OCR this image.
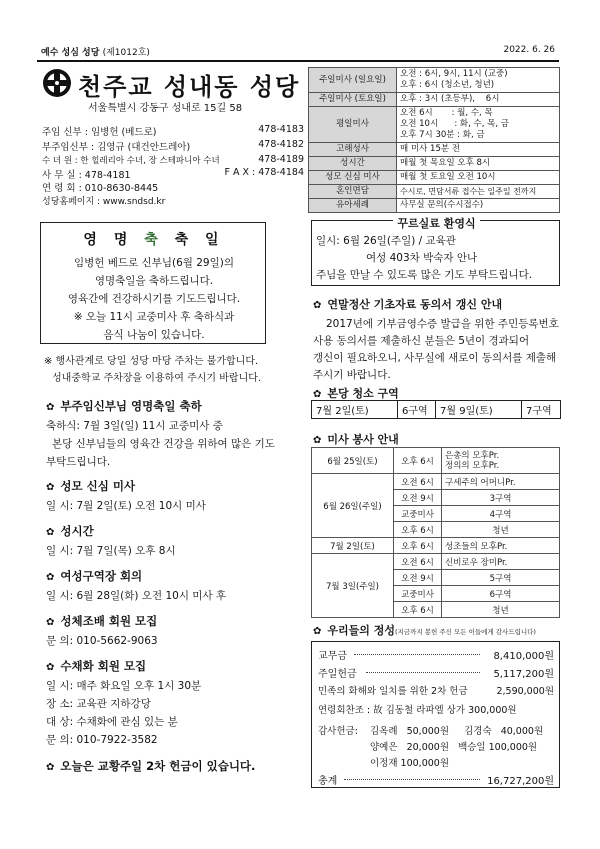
예수 성심 성당 (제1012호)	2022. 6. 26
천주교 성내동 성당
서울특별시 강동구 성내로 15길 58
주임 신부 : 임병헌 (베드로)	478-4183
부주임신부 : 김영규 (대건안드레아)	478-4182
수 녀 원 : 한 힐레리아 수녀, 장 스테파니아 수녀	478-4189
사 무 실 : 478-4181	F A X : 478-4184
연 령 회 : 010-8630-8445
성당홈페이지 : www.sndsd.kr
주일미사 (일요일)	오전 : 6시, 9시, 11시 (교중)
오후 : 6시 (청소년, 청년)

주일미사 (토요일)	오후 : 3시 (초등부),    6시
평일미사	오전 6시       : 월, 수, 목
오전 10시      : 화, 수, 목, 금
오후 7시 30분 : 화, 금

고해성사	매 미사 15분 전
성시간	매월 첫 목요일 오후 8시
성모 신심 미사	매월 첫 토요일 오전 10시
혼인면담	수시로, 면담서류 접수는 일주일 전까지
유아세례	사무실 문의(수시접수)
영 명 축 축 일
임병헌 베드로 신부님(6월 29일)의
영명축일을 축하드립니다.
영육간에 건강하시기를 기도드립니다.
※ 오늘 11시 교중미사 후 축하식과
음식 나눔이 있습니다.
※ 행사관계로 당일 성당 마당 주차는 불가합니다.
성내중학교 주차장을 이용하여 주시기 바랍니다.
✿ 부주임신부님 영명축일 축하
축하식: 7월 3일(일) 11시 교중미사 중
본당 신부님들의 영육간 건강을 위하여 많은 기도
부탁드립니다.
✿ 성모 신심 미사
일 시: 7월 2일(토) 오전 10시 미사
✿ 성시간
일 시: 7월 7일(목) 오후 8시
✿ 여성구역장 회의
일 시: 6월 28일(화) 오전 10시 미사 후
✿ 성체조배 회원 모집
문 의: 010-5662-9063
✿ 수채화 회원 모집
일 시: 매주 화요일 오후 1시 30분
장 소: 교육관 지하강당
대 상: 수채화에 관심 있는 분
문 의: 010-7922-3582
✿ 오늘은 교황주일 2차 헌금이 있습니다.
꾸르실료 환영식
일시: 6월 26일(주일) / 교육관
여성 403차 박숙자 안나
주님을 만날 수 있도록 많은 기도 부탁드립니다.
✿ 연말정산 기초자료 동의서 갱신 안내
2017년에 기부금영수증 발급을 위한 주민등록번호
사용 동의서를 제출하신 분들은 5년이 경과되어
갱신이 필요하오니, 사무실에 새로이 동의서를 제출해
주시기 바랍니다.
✿ 본당 청소 구역
7월 2일(토)	6구역	7월 9일(토)	7구역
✿ 미사 봉사 안내
6월 25일(토)	오후 6시	은총의 모후Pr.
정의의 모후Pr.
6월 26일(주일)	오전 6시	구세주의 어머니Pr.
	오전 9시	3구역
	교중미사	4구역
	오후 6시	청년
7월 2일(토)	오후 6시	성조들의 모후Pr.
7월 3일(주일)	오전 6시	신비로우 장미Pr.
	오전 9시	5구역
	교중미사	6구역
	오후 6시	청년
✿ 우리들의 정성(지금까지 봉헌 주신 모든 이들에게 감사드립니다)
교무금	8,410,000원
주일헌금	5,117,200원
민족의 화해와 일치를 위한 2차 헌금	2,590,000원
연령회찬조 : 故 김동철 라파엘 상가 300,000원
감사헌금: 김옥례   50,000원     김경숙   40,000원
양예은   20,000원   백승일 100,000원
이정재 100,000원
총계	16,727,200원
